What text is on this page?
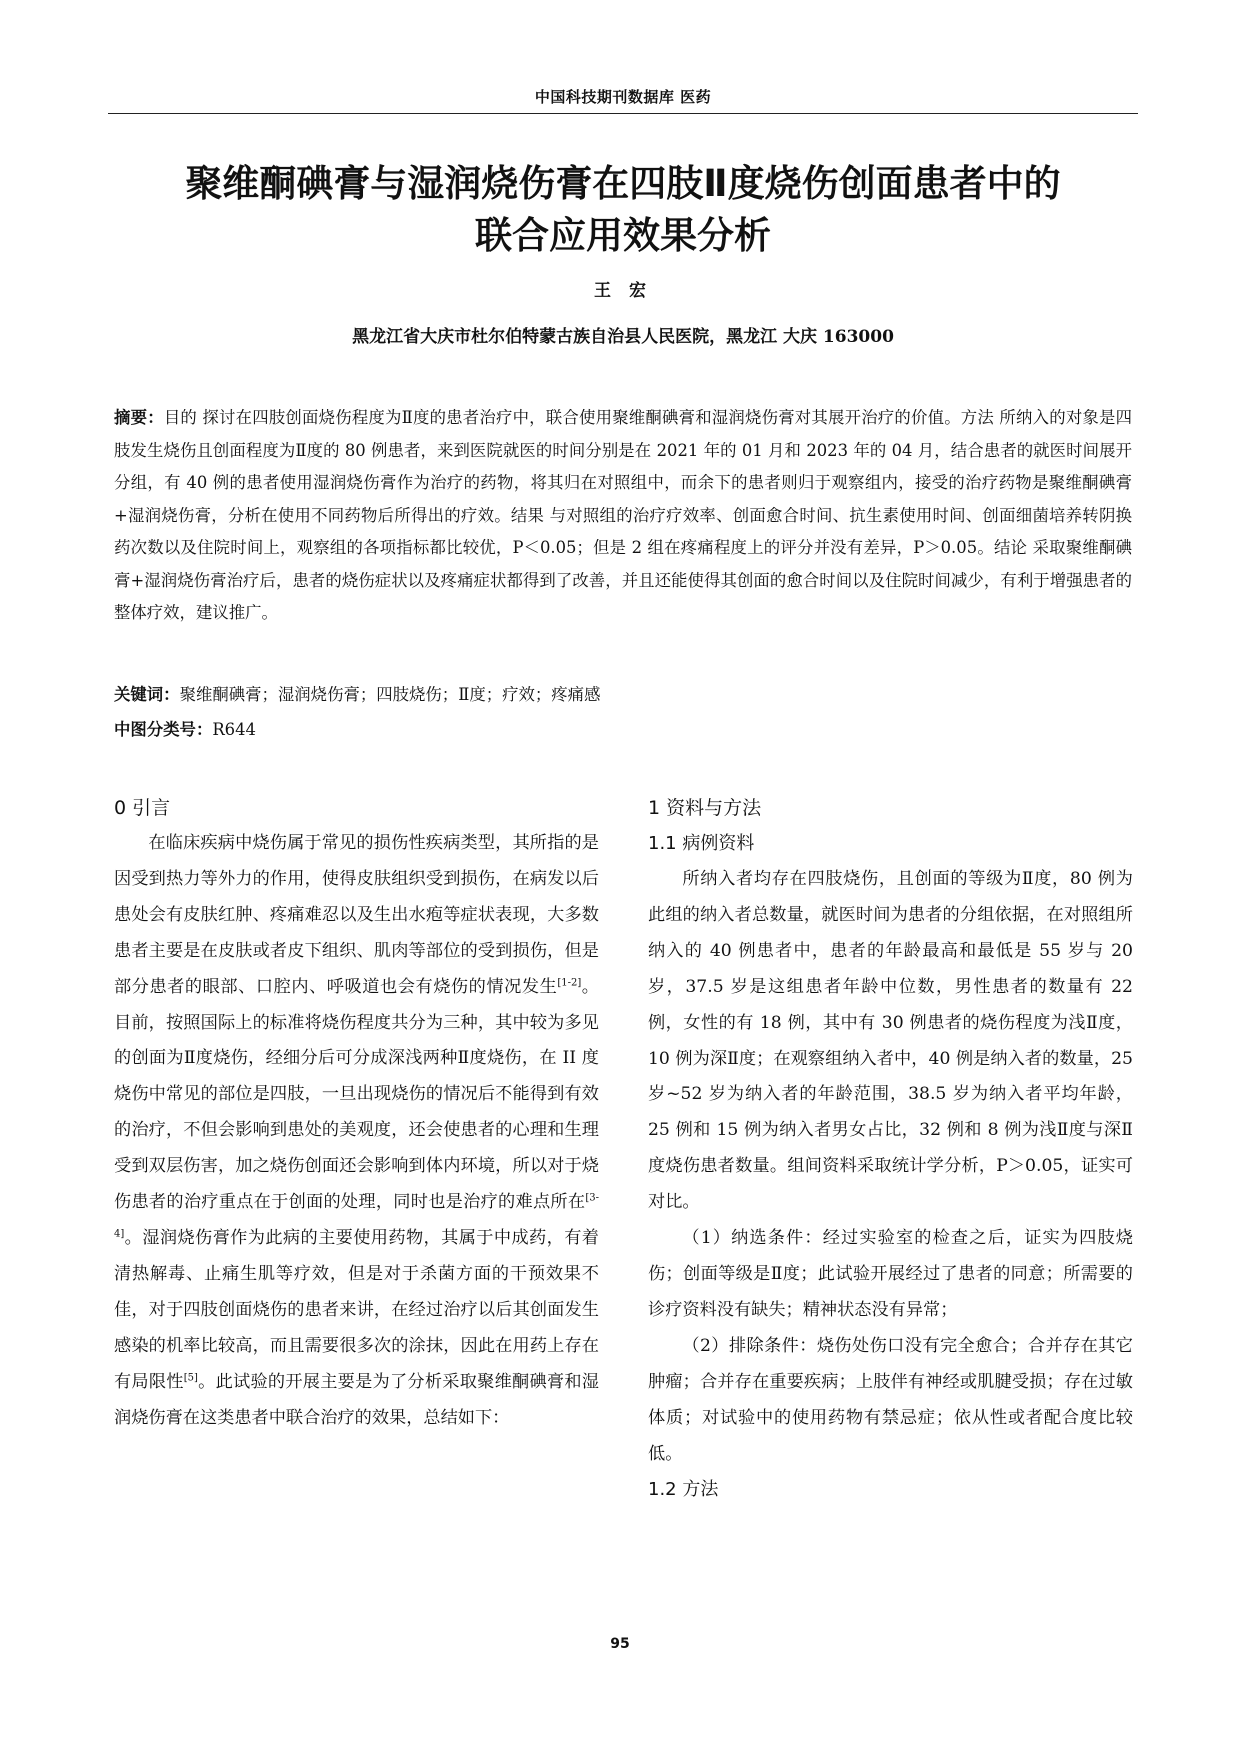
中国科技期刊数据库 医药
聚维酮碘膏与湿润烧伤膏在四肢Ⅱ度烧伤创面患者中的
联合应用效果分析
王 宏
黑龙江省大庆市杜尔伯特蒙古族自治县人民医院，黑龙江 大庆 163000
摘要：目的 探讨在四肢创面烧伤程度为Ⅱ度的患者治疗中，联合使用聚维酮碘膏和湿润烧伤膏对其展开治疗的价值。方法 所纳入的对象是四肢发生烧伤且创面程度为Ⅱ度的 80 例患者，来到医院就医的时间分别是在 2021 年的 01 月和 2023 年的 04 月，结合患者的就医时间展开分组，有 40 例的患者使用湿润烧伤膏作为治疗的药物，将其归在对照组中，而余下的患者则归于观察组内，接受的治疗药物是聚维酮碘膏+湿润烧伤膏，分析在使用不同药物后所得出的疗效。结果 与对照组的治疗疗效率、创面愈合时间、抗生素使用时间、创面细菌培养转阴换药次数以及住院时间上，观察组的各项指标都比较优，P＜0.05；但是 2 组在疼痛程度上的评分并没有差异，P＞0.05。结论 采取聚维酮碘膏+湿润烧伤膏治疗后，患者的烧伤症状以及疼痛症状都得到了改善，并且还能使得其创面的愈合时间以及住院时间减少，有利于增强患者的整体疗效，建议推广。
关键词：聚维酮碘膏；湿润烧伤膏；四肢烧伤；Ⅱ度；疗效；疼痛感
中图分类号：R644
0 引言

在临床疾病中烧伤属于常见的损伤性疾病类型，其所指的是因受到热力等外力的作用，使得皮肤组织受到损伤，在病发以后患处会有皮肤红肿、疼痛难忍以及生出水疱等症状表现，大多数患者主要是在皮肤或者皮下组织、肌肉等部位的受到损伤，但是部分患者的眼部、口腔内、呼吸道也会有烧伤的情况发生[1-2]。目前，按照国际上的标准将烧伤程度共分为三种，其中较为多见的创面为Ⅱ度烧伤，经细分后可分成深浅两种Ⅱ度烧伤，在 II 度烧伤中常见的部位是四肢，一旦出现烧伤的情况后不能得到有效的治疗，不但会影响到患处的美观度，还会使患者的心理和生理受到双层伤害，加之烧伤创面还会影响到体内环境，所以对于烧伤患者的治疗重点在于创面的处理，同时也是治疗的难点所在[3-4]。湿润烧伤膏作为此病的主要使用药物，其属于中成药，有着清热解毒、止痛生肌等疗效，但是对于杀菌方面的干预效果不佳，对于四肢创面烧伤的患者来讲，在经过治疗以后其创面发生感染的机率比较高，而且需要很多次的涂抹，因此在用药上存在有局限性[5]。此试验的开展主要是为了分析采取聚维酮碘膏和湿润烧伤膏在这类患者中联合治疗的效果，总结如下：

1 资料与方法
1.1 病例资料

所纳入者均存在四肢烧伤，且创面的等级为Ⅱ度，80 例为此组的纳入者总数量，就医时间为患者的分组依据，在对照组所纳入的 40 例患者中，患者的年龄最高和最低是 55 岁与 20 岁，37.5 岁是这组患者年龄中位数，男性患者的数量有 22 例，女性的有 18 例，其中有 30 例患者的烧伤程度为浅Ⅱ度，10 例为深Ⅱ度；在观察组纳入者中，40 例是纳入者的数量，25 岁~52 岁为纳入者的年龄范围，38.5 岁为纳入者平均年龄，25 例和 15 例为纳入者男女占比，32 例和 8 例为浅Ⅱ度与深Ⅱ度烧伤患者数量。组间资料采取统计学分析，P＞0.05，证实可对比。

（1）纳选条件：经过实验室的检查之后，证实为四肢烧伤；创面等级是Ⅱ度；此试验开展经过了患者的同意；所需要的诊疗资料没有缺失；精神状态没有异常；

（2）排除条件：烧伤处伤口没有完全愈合；合并存在其它肿瘤；合并存在重要疾病；上肢伴有神经或肌腱受损；存在过敏体质；对试验中的使用药物有禁忌症；依从性或者配合度比较低。

1.2 方法
95
